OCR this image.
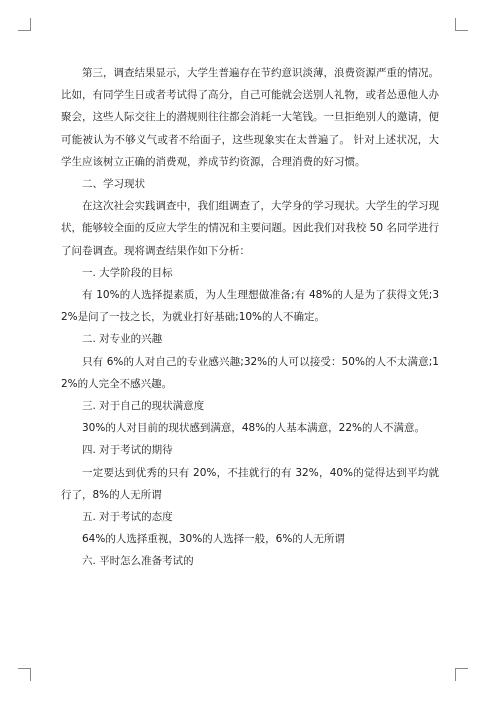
第三，调查结果显示，大学生普遍存在节约意识淡薄，浪费资源严重的情况。 比如，有同学生日或者考试得了高分，自己可能就会送别人礼物，或者怂恿他人办聚会，这些人际交往上的潜规则往往都会消耗一大笔钱。一旦拒绝别人的邀请，便可能被认为不够义气或者不给面子，这些现象实在太普遍了。 针对上述状况，大学生应该树立正确的消费观，养成节约资源，合理消费的好习惯。

二、学习现状

在这次社会实践调查中，我们组调查了，大学身的学习现状。大学生的学习现状，能够较全面的反应大学生的情况和主要问题。因此我们对我校 50 名同学进行了问卷调查。现将调查结果作如下分析：

一. 大学阶段的目标

有 10%的人选择提素质，为人生理想做准备;有 48%的人是为了获得文凭;32%是问了一技之长，为就业打好基础;10%的人不确定。

二. 对专业的兴趣

只有 6%的人对自己的专业感兴趣;32%的人可以接受：50%的人不太满意;12%的人完全不感兴趣。

三. 对于自己的现状满意度

30%的人对目前的现状感到满意，48%的人基本满意，22%的人不满意。

四. 对于考试的期待

一定要达到优秀的只有 20%，不挂就行的有 32%，40%的觉得达到平均就行了，8%的人无所谓

五. 对于考试的态度

64%的人选择重视，30%的人选择一般，6%的人无所谓

六. 平时怎么准备考试的
